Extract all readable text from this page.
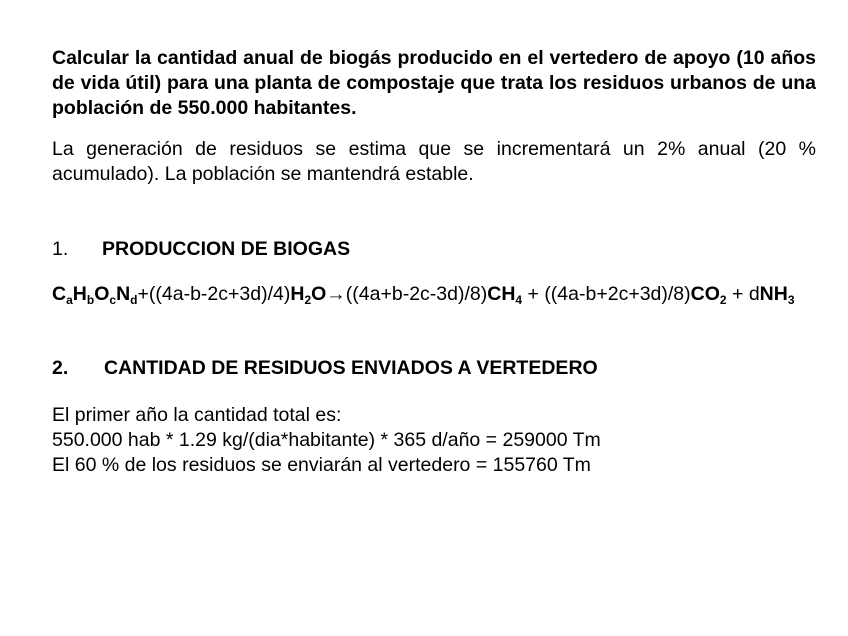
Calcular la cantidad anual de biogás producido en el vertedero de apoyo (10 años de vida útil) para una planta de compostaje que trata los residuos urbanos de una población de 550.000 habitantes.

La generación de residuos se estima que se incrementará un 2% anual (20 % acumulado). La población se mantendrá estable.

1.	PRODUCCION DE BIOGAS

$C_aH_bO_cN_d+((4a-b-2c+3d)/4)H_2O\to((4a+b-2c-3d)/8)CH_4 + ((4a-b+2c+3d)/8)CO_2 + dNH_3$

2.	CANTIDAD DE RESIDUOS ENVIADOS A VERTEDERO

El primer año la cantidad total es:

550.000 hab * 1.29 kg/(dia*habitante) * 365 d/año = 259000 Tm

El 60 % de los residuos se enviarán al vertedero = 155760 Tm
